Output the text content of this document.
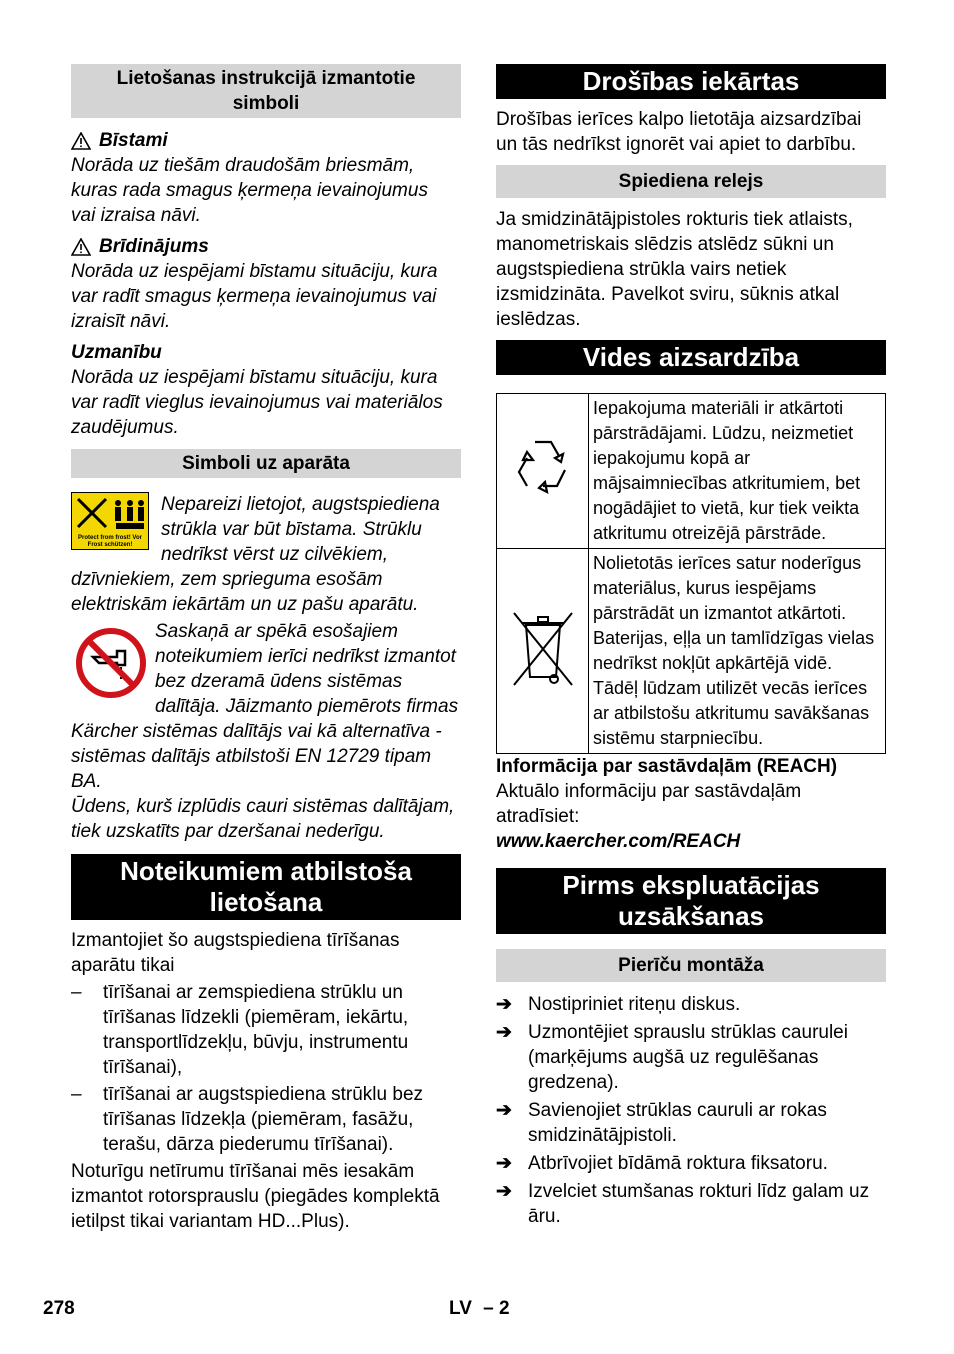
Lietošanas instrukcijā izmantotie simboli
Bīstami

Norāda uz tiešām draudošām briesmām, kuras rada smagus ķermeņa ievainojumus vai izraisa nāvi.

Brīdinājums

Norāda uz iespējami bīstamu situāciju, kura var radīt smagus ķermeņa ievainojumus vai izraisīt nāvi.

Uzmanību

Norāda uz iespējami bīstamu situāciju, kura var radīt vieglus ievainojumus vai materiālos zaudējumus.

Simboli uz aparāta
Protect from frost! Vor Frost schützen!

Nepareizi lietojot, augstspiediena strūkla var būt bīstama. Strūklu nedrīkst vērst uz cilvēkiem, dzīvniekiem, zem sprieguma esošām elektriskām iekārtām un uz pašu aparātu.

Saskaņā ar spēkā esošajiem noteikumiem ierīci nedrīkst izmantot bez dzeramā ūdens sistēmas dalītāja. Jāizmanto piemērots firmas Kärcher sistēmas dalītājs vai kā alternatīva - sistēmas dalītājs atbilstoši EN 12729 tipam BA.

Ūdens, kurš izplūdis cauri sistēmas dalītājam, tiek uzskatīts par dzeršanai nederīgu.

Noteikumiem atbilstoša lietošana

Izmantojiet šo augstspiediena tīrīšanas aparātu tikai

– tīrīšanai ar zemspiediena strūklu un tīrīšanas līdzekli (piemēram, iekārtu, transportlīdzekļu, būvju, instrumentu tīrīšanai),
– tīrīšanai ar augstspiediena strūklu bez tīrīšanas līdzekļa (piemēram, fasāžu, terašu, dārza piederumu tīrīšanai).

Noturīgu netīrumu tīrīšanai mēs iesakām izmantot rotorsprauslu (piegādes komplektā ietilpst tikai variantam HD...Plus).

Drošības iekārtas

Drošības ierīces kalpo lietotāja aizsardzībai un tās nedrīkst ignorēt vai apiet to darbību.

Spiediena relejs

Ja smidzinātājpistoles rokturis tiek atlaists, manometriskais slēdzis atslēdz sūkni un augstspiediena strūkla vairs netiek izsmidzināta. Pavelkot sviru, sūknis atkal ieslēdzas.

Vides aizsardzība
	Iepakojuma materiāli ir atkārtoti pārstrādājami. Lūdzu, neizmetiet iepakojumu kopā ar mājsaimniecības atkritumiem, bet nogādājiet to vietā, kur tiek veikta atkritumu otreizējā pārstrāde.
	Nolietotās ierīces satur noderīgus materiālus, kurus iespējams pārstrādāt un izmantot atkārtoti. Baterijas, eļļa un tamlīdzīgas vielas nedrīkst nokļūt apkārtējā vidē. Tādēļ lūdzam utilizēt vecās ierīces ar atbilstošu atkritumu savākšanas sistēmu starpniecību.

Informācija par sastāvdaļām (REACH)

Aktuālo informāciju par sastāvdaļām atradīsiet:

www.kaercher.com/REACH

Pirms ekspluatācijas uzsākšanas
Pierīču montāža
➔ Nostipriniet riteņu diskus.
➔ Uzmontējiet sprauslu strūklas caurulei (marķējums augšā uz regulēšanas gredzena).
➔ Savienojiet strūklas cauruli ar rokas smidzinātājpistoli.
➔ Atbrīvojiet bīdāmā roktura fiksatoru.
➔ Izvelciet stumšanas rokturi līdz galam uz āru.
278	LV – 2
